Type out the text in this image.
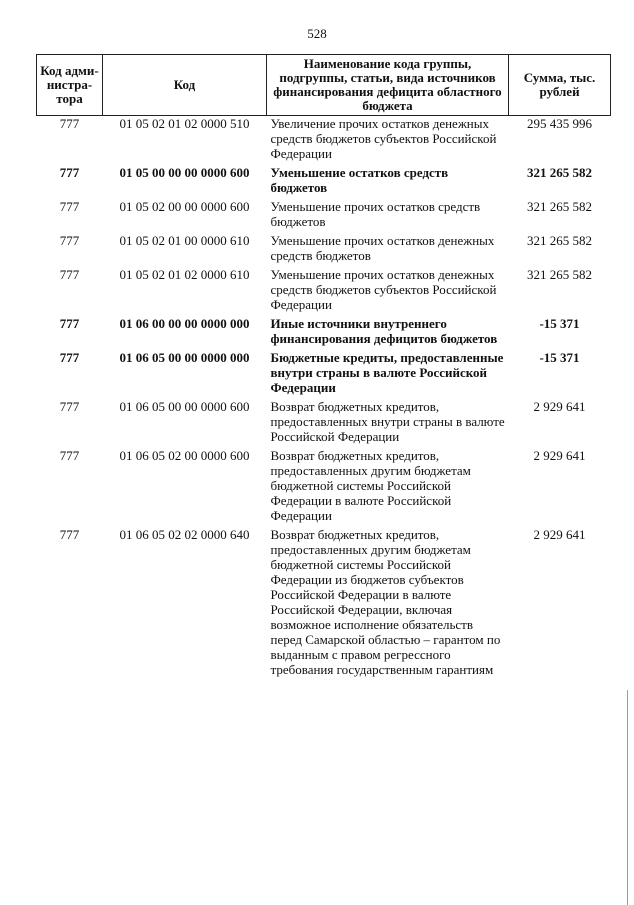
528
Код адми-нистра-тора	Код	Наименование кода группы, подгруппы, статьи, вида источников финансирования дефицита областного бюджета	Сумма, тыс. рублей
777	01 05 02 01 02 0000 510	Увеличение прочих остатков денежных средств бюджетов субъектов Российской Федерации	295 435 996
777	01 05 00 00 00 0000 600	Уменьшение остатков средств бюджетов	321 265 582
777	01 05 02 00 00 0000 600	Уменьшение прочих остатков средств бюджетов	321 265 582
777	01 05 02 01 00 0000 610	Уменьшение прочих остатков денежных средств бюджетов	321 265 582
777	01 05 02 01 02 0000 610	Уменьшение прочих остатков денежных средств бюджетов субъектов Российской Федерации	321 265 582
777	01 06 00 00 00 0000 000	Иные источники внутреннего финансирования дефицитов бюджетов	-15 371
777	01 06 05 00 00 0000 000	Бюджетные кредиты, предоставленные внутри страны в валюте Российской Федерации	-15 371
777	01 06 05 00 00 0000 600	Возврат бюджетных кредитов, предоставленных внутри страны в валюте Российской Федерации	2 929 641
777	01 06 05 02 00 0000 600	Возврат бюджетных кредитов, предоставленных другим бюджетам бюджетной системы Российской Федерации в валюте Российской Федерации	2 929 641
777	01 06 05 02 02 0000 640	Возврат бюджетных кредитов, предоставленных другим бюджетам бюджетной системы Российской Федерации из бюджетов субъектов Российской Федерации в валюте Российской Федерации, включая возможное исполнение обязательств перед Самарской областью – гарантом по выданным с правом регрессного требования государственным гарантиям	2 929 641
